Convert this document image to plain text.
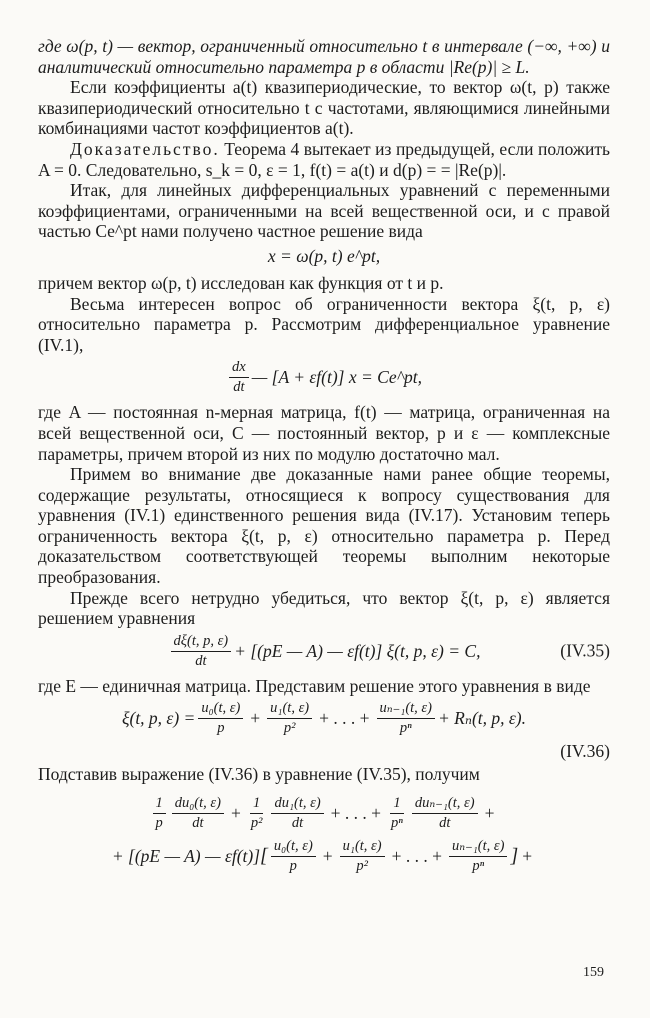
где ω(p, t) — вектор, ограниченный относительно t в интервале (−∞, +∞) и аналитический относительно параметра p в области |Re(p)| ≥ L.

Если коэффициенты a(t) квазипериодические, то вектор ω(t, p) также квазипериодический относительно t с частотами, являющимися линейными комбинациями частот коэффициентов a(t).

Доказательство. Теорема 4 вытекает из предыдущей, если положить A = 0. Следовательно, s_k = 0, ε = 1, f(t) = a(t) и d(p) = = |Re(p)|.

Итак, для линейных дифференциальных уравнений с переменными коэффициентами, ограниченными на всей вещественной оси, и с правой частью Ce^pt нами получено частное решение вида

x = ω(p, t) e^pt,

причем вектор ω(p, t) исследован как функция от t и p.

Весьма интересен вопрос об ограниченности вектора ξ(t, p, ε) относительно параметра p. Рассмотрим дифференциальное уравнение (IV.1),

$\frac{dx}{dt}$ — [A + εf(t)] x = Ce^pt,

где A — постоянная n-мерная матрица, f(t) — матрица, ограниченная на всей вещественной оси, C — постоянный вектор, p и ε — комплексные параметры, причем второй из них по модулю достаточно мал.

Примем во внимание две доказанные нами ранее общие теоремы, содержащие результаты, относящиеся к вопросу существования для уравнения (IV.1) единственного решения вида (IV.17). Установим теперь ограниченность вектора ξ(t, p, ε) относительно параметра p. Перед доказательством соответствующей теоремы выполним некоторые преобразования.

Прежде всего нетрудно убедиться, что вектор ξ(t, p, ε) является решением уравнения

$\frac{d\xi(t, p, \varepsilon)}{dt} + [(pE$ — A) — εf(t)] ξ(t, p, ε) = C,	(IV.35)

где E — единичная матрица. Представим решение этого уравнения в виде

ξ(t, p, $\varepsilon) = \frac{\text{u₀(t, ε)}}{p} + \frac{\text{u₁(t, ε)}}{\text{p²}}$ + . . . + $\frac{\text{uₙ₋₁(t, ε)}}{\text{pⁿ}} + R_n(t$, p, ε).
(IV.36)

Подставив выражение (IV.36) в уравнение (IV.35), получим

$\frac{1}{p} \frac{\text{du₀(t, ε)}}{dt} + \frac{1}{\text{p²}} \frac{\text{du₁(t, ε)}}{dt}$ + . . . + $\frac{1}{\text{pⁿ}} \frac{\text{duₙ₋₁(t, ε)}}{dt}$ +
+ [(pE — A) — εf(t)] [ $\frac{\text{u₀(t, ε)}}{p} + \frac{\text{u₁(t, ε)}}{\text{p²}}$ + . . . + $\frac{\text{uₙ₋₁(t, ε)}}{\text{pⁿ}}$ ] +
159
